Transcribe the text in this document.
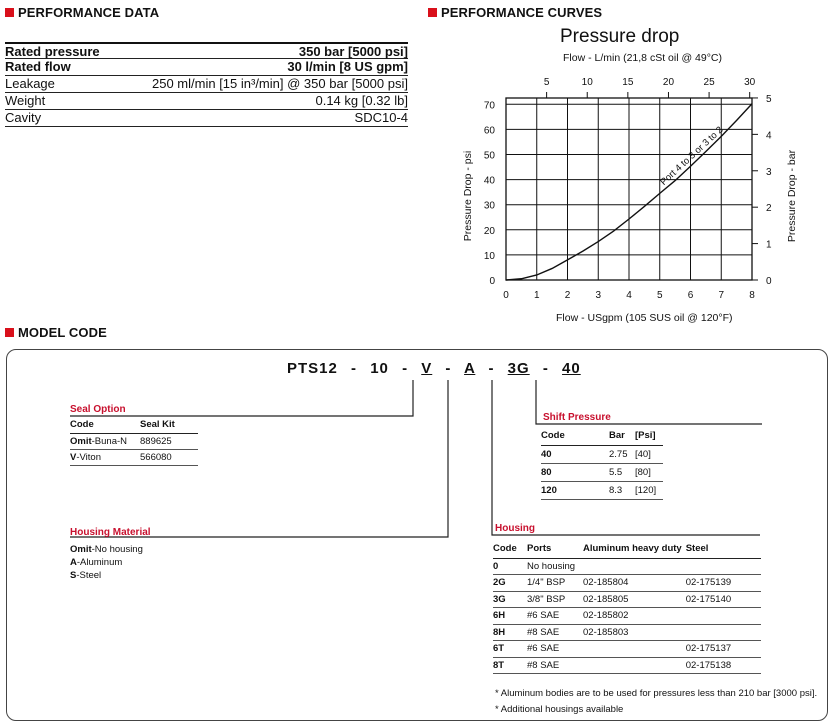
PERFORMANCE DATA
Rated pressure	350 bar [5000 psi]
Rated flow	30 l/min [8 US gpm]
Leakage	250 ml/min [15 in³/min] @ 350 bar [5000 psi]
Weight	0.14 kg [0.32 lb]
Cavity	SDC10-4
PERFORMANCE CURVES
Pressure drop
Flow - L/min (21,8 cSt oil @ 49°C)
Flow - USgpm (105 SUS oil @ 120°F)
Pressure Drop - psi	Pressure Drop - bar
0	1	2	3	4	5	6	7	8
0
10
20
30
40
50
60
70
5	10	15	20	25	30
0
1
2
3
4
5
Port 4 to 3 or 3 to 2
MODEL CODE
PTS12 - 10 - V - A - 3G - 40
Seal Option
Code	Seal Kit
Omit-Buna-N	889625
V-Viton	566080
Housing Material
Omit-No housing
A-Aluminum
S-Steel
Shift Pressure
Code	Bar	[Psi]
40	2.75	[40]
80	5.5	[80]
120	8.3	[120]
Housing
Code	Ports	Aluminum heavy duty	Steel
0	No housing		
2G	1/4" BSP	02-185804	02-175139
3G	3/8" BSP	02-185805	02-175140
6H	#6 SAE	02-185802	
8H	#8 SAE	02-185803	
6T	#6 SAE		02-175137
8T	#8 SAE		02-175138
* Aluminum bodies are to be used for pressures less than 210 bar [3000 psi].
* Additional housings available
